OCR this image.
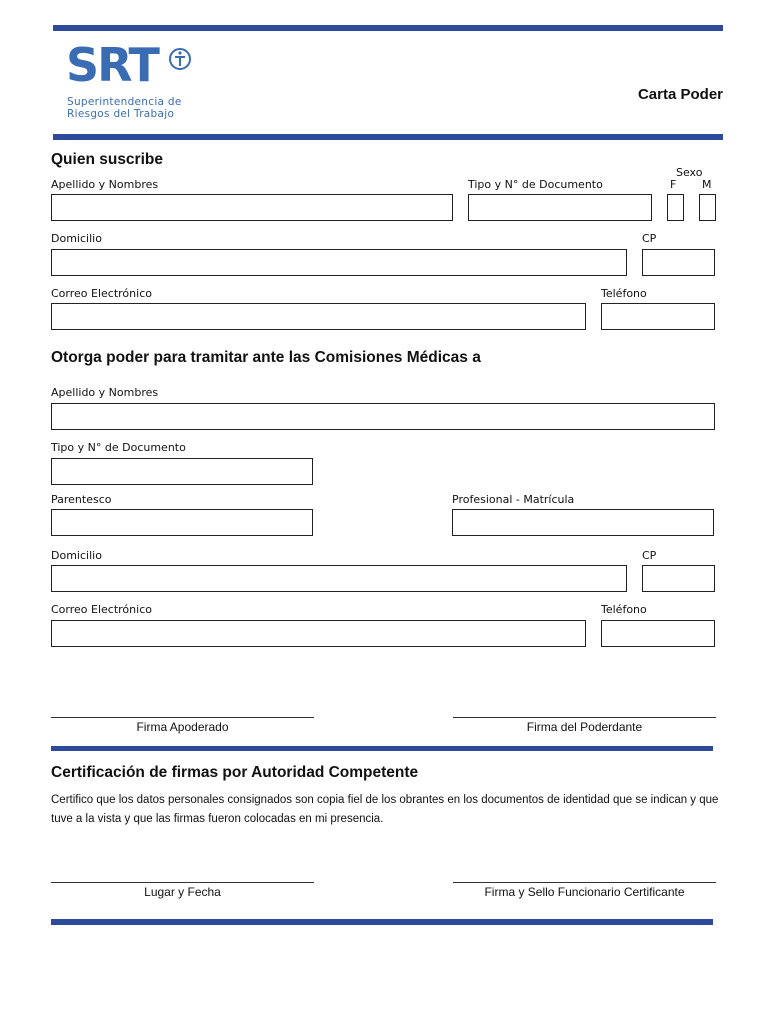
SRT
Superintendencia de
Riesgos del Trabajo
Carta Poder
Quien suscribe
Apellido y Nombres	Tipo y N° de Documento
Sexo
F M
Domicilio	CP
Correo Electrónico	Teléfono
Otorga poder para tramitar ante las Comisiones Médicas a
Apellido y Nombres
Tipo y N° de Documento
Parentesco	Profesional - Matrícula
Domicilio	CP
Correo Electrónico	Teléfono
Firma Apoderado	Firma del Poderdante
Certificación de firmas por Autoridad Competente
Certifico que los datos personales consignados son copia fiel de los obrantes en los documentos de identidad que se indican y que tuve a la vista y que las firmas fueron colocadas en mi presencia.
Lugar y Fecha	Firma y Sello Funcionario Certificante
